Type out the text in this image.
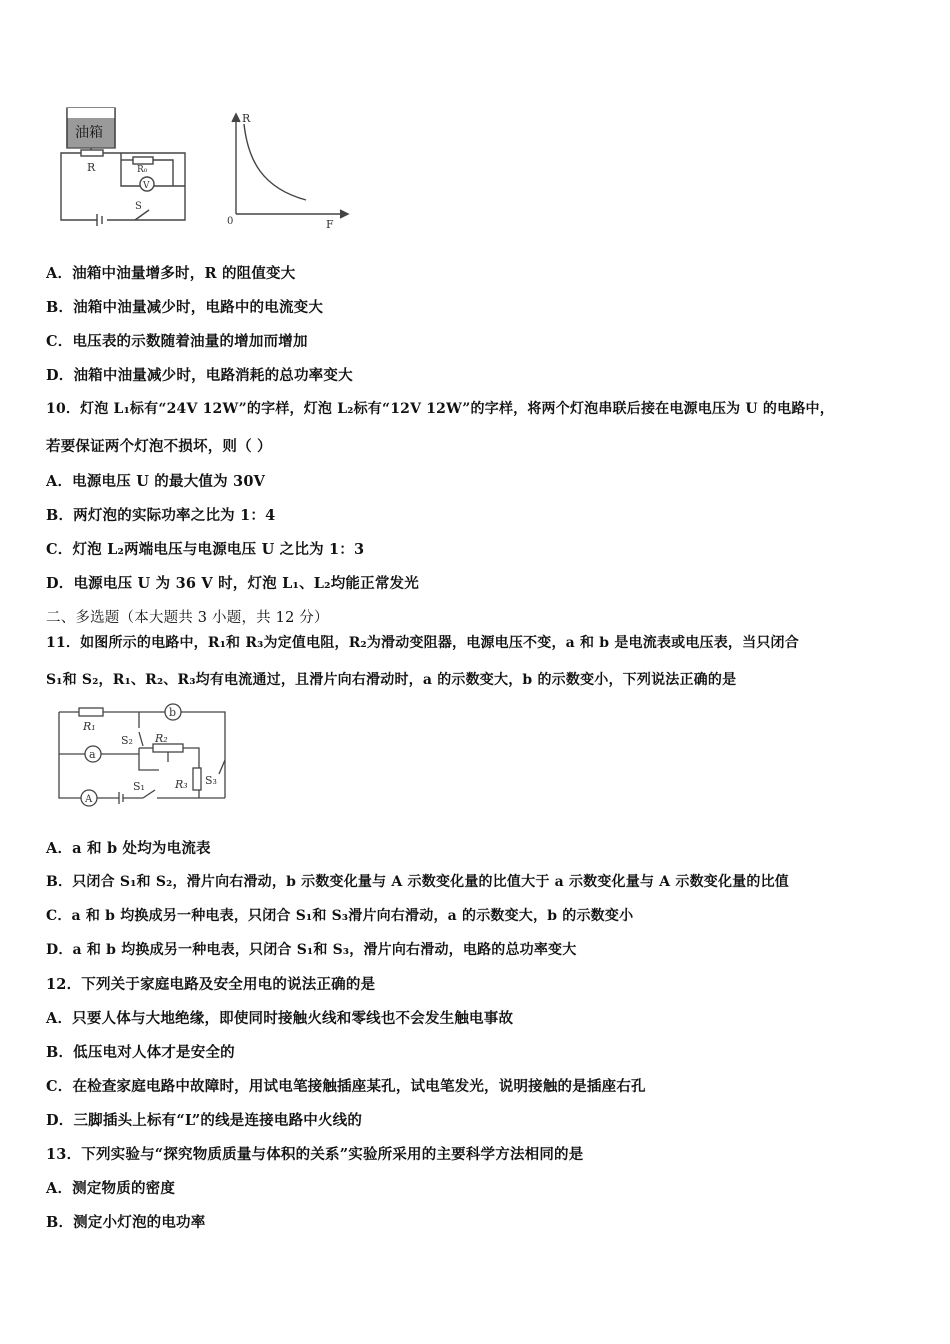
油箱
R	R₀
V
S
R
F
0
A．油箱中油量增多时，R 的阻值变大
B．油箱中油量减少时，电路中的电流变大
C．电压表的示数随着油量的增加而增加
D．油箱中油量减少时，电路消耗的总功率变大
10．灯泡 L₁标有“24V 12W”的字样，灯泡 L₂标有“12V 12W”的字样，将两个灯泡串联后接在电源电压为 U 的电路中，
若要保证两个灯泡不损坏，则（ ）
A．电源电压 U 的最大值为 30V
B．两灯泡的实际功率之比为 1：4
C．灯泡 L₂两端电压与电源电压 U 之比为 1：3
D．电源电压 U 为 36 V 时，灯泡 L₁、L₂均能正常发光
二、多选题（本大题共 3 小题，共 12 分）
11．如图所示的电路中，R₁和 R₃为定值电阻，R₂为滑动变阻器，电源电压不变，a 和 b 是电流表或电压表，当只闭合
S₁和 S₂，R₁、R₂、R₃均有电流通过，且滑片向右滑动时，a 的示数变大，b 的示数变小，下列说法正确的是
R₁
b
a
S₂ R₂
R₃ S₃
A
S₁
A．a 和 b 处均为电流表
B．只闭合 S₁和 S₂，滑片向右滑动，b 示数变化量与 A 示数变化量的比值大于 a 示数变化量与 A 示数变化量的比值
C．a 和 b 均换成另一种电表，只闭合 S₁和 S₃滑片向右滑动，a 的示数变大，b 的示数变小
D．a 和 b 均换成另一种电表，只闭合 S₁和 S₃，滑片向右滑动，电路的总功率变大
12．下列关于家庭电路及安全用电的说法正确的是
A．只要人体与大地绝缘，即使同时接触火线和零线也不会发生触电事故
B．低压电对人体才是安全的
C．在检查家庭电路中故障时，用试电笔接触插座某孔，试电笔发光，说明接触的是插座右孔
D．三脚插头上标有“L”的线是连接电路中火线的
13．下列实验与“探究物质质量与体积的关系”实验所采用的主要科学方法相同的是
A．测定物质的密度
B．测定小灯泡的电功率
